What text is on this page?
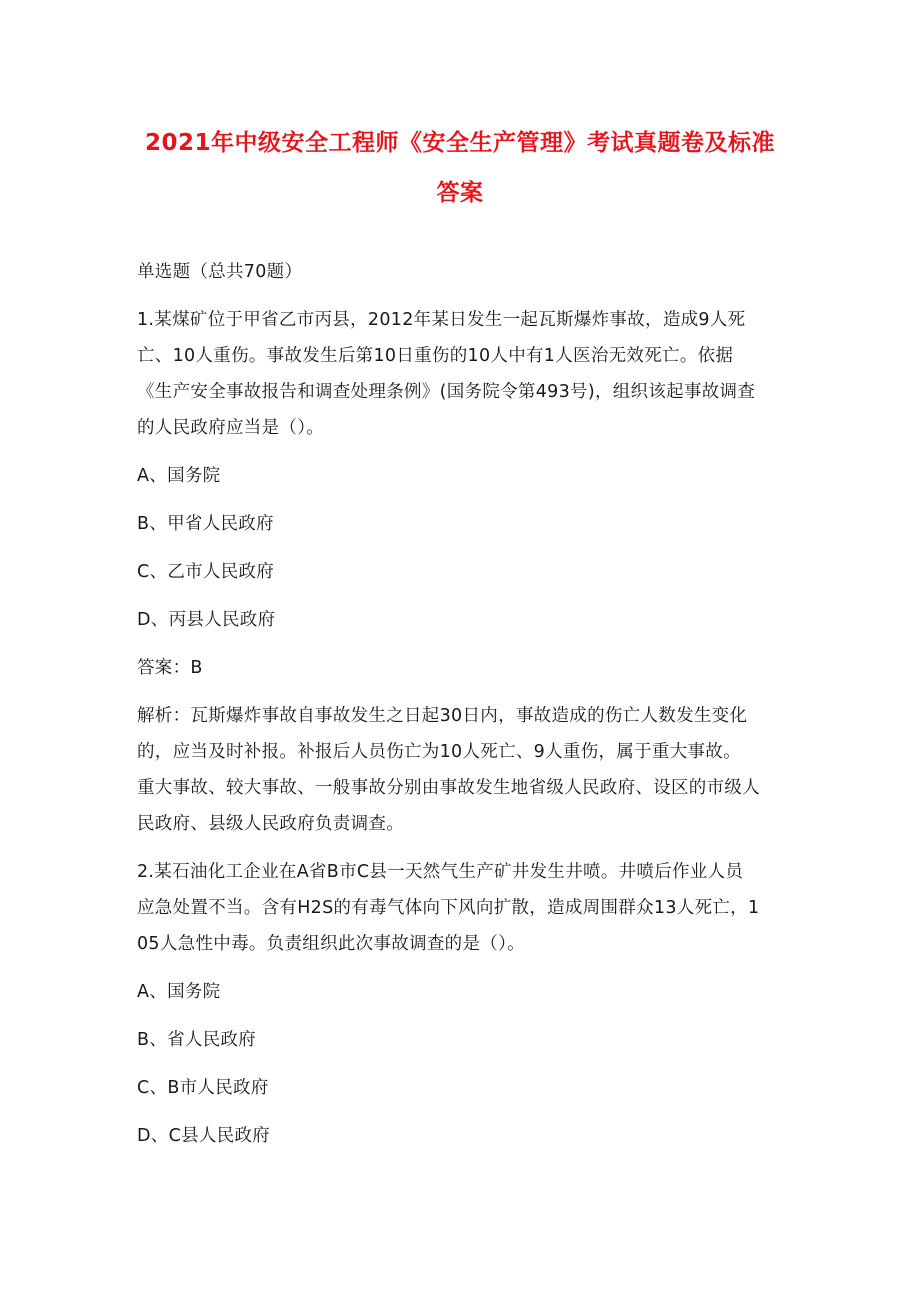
2021年中级安全工程师《安全生产管理》考试真题卷及标准
答案
单选题（总共70题）
1.某煤矿位于甲省乙市丙县，2012年某日发生一起瓦斯爆炸事故，造成9人死
亡、10人重伤。事故发生后第10日重伤的10人中有1人医治无效死亡。依据
《生产安全事故报告和调查处理条例》(国务院令第493号)，组织该起事故调查
的人民政府应当是（）。
A、国务院
B、甲省人民政府
C、乙市人民政府
D、丙县人民政府
答案：B
解析：瓦斯爆炸事故自事故发生之日起30日内，事故造成的伤亡人数发生变化
的，应当及时补报。补报后人员伤亡为10人死亡、9人重伤，属于重大事故。
重大事故、较大事故、一般事故分别由事故发生地省级人民政府、设区的市级人
民政府、县级人民政府负责调查。
2.某石油化工企业在A省B市C县一天然气生产矿井发生井喷。井喷后作业人员
应急处置不当。含有H2S的有毒气体向下风向扩散，造成周围群众13人死亡，1
05人急性中毒。负责组织此次事故调查的是（）。
A、国务院
B、省人民政府
C、B市人民政府
D、C县人民政府
